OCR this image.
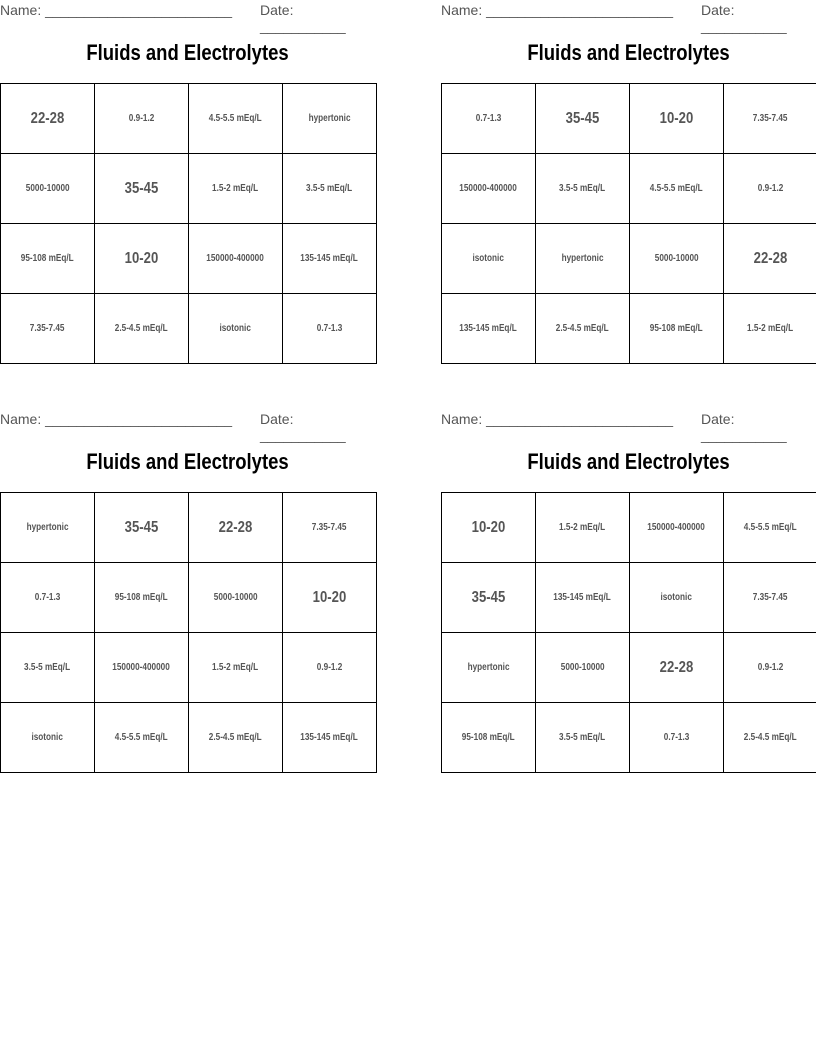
Name: ________________________ Date: ___________
Fluids and Electrolytes
22-28	0.9-1.2	4.5-5.5 mEq/L	hypertonic
5000-10000	35-45	1.5-2 mEq/L	3.5-5 mEq/L
95-108 mEq/L	10-20	150000-400000	135-145 mEq/L
7.35-7.45	2.5-4.5 mEq/L	isotonic	0.7-1.3
Name: ________________________ Date: ___________
Fluids and Electrolytes
0.7-1.3	35-45	10-20	7.35-7.45
150000-400000	3.5-5 mEq/L	4.5-5.5 mEq/L	0.9-1.2
isotonic	hypertonic	5000-10000	22-28
135-145 mEq/L	2.5-4.5 mEq/L	95-108 mEq/L	1.5-2 mEq/L
Name: ________________________ Date: ___________
Fluids and Electrolytes
hypertonic	35-45	22-28	7.35-7.45
0.7-1.3	95-108 mEq/L	5000-10000	10-20
3.5-5 mEq/L	150000-400000	1.5-2 mEq/L	0.9-1.2
isotonic	4.5-5.5 mEq/L	2.5-4.5 mEq/L	135-145 mEq/L
Name: ________________________ Date: ___________
Fluids and Electrolytes
10-20	1.5-2 mEq/L	150000-400000	4.5-5.5 mEq/L
35-45	135-145 mEq/L	isotonic	7.35-7.45
hypertonic	5000-10000	22-28	0.9-1.2
95-108 mEq/L	3.5-5 mEq/L	0.7-1.3	2.5-4.5 mEq/L
